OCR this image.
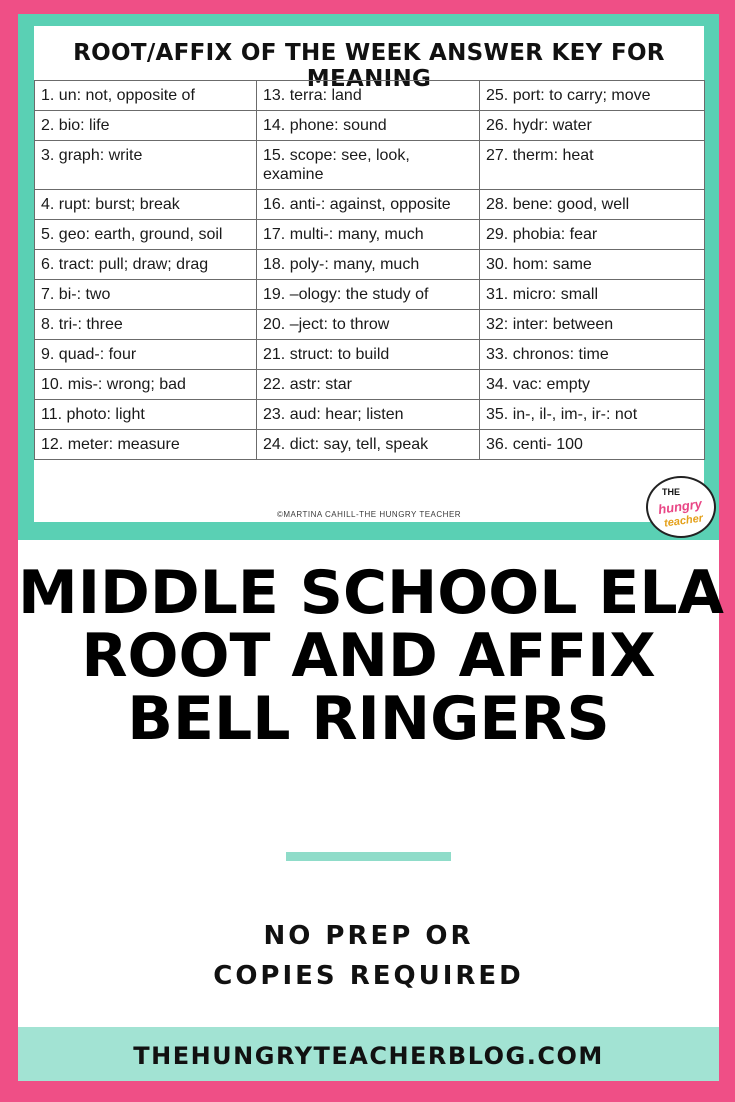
ROOT/AFFIX OF THE WEEK ANSWER KEY FOR MEANING
1. un: not, opposite of	13. terra: land	25. port: to carry; move
2. bio: life	14. phone: sound	26. hydr: water
3. graph: write	15. scope: see, look, examine	27. therm: heat
4. rupt: burst; break	16. anti-: against, opposite	28. bene: good, well
5. geo: earth, ground, soil	17. multi-: many, much	29. phobia: fear
6. tract: pull; draw; drag	18. poly-: many, much	30. hom: same
7. bi-: two	19. –ology: the study of	31. micro: small
8. tri-: three	20. –ject: to throw	32: inter: between
9. quad-: four	21. struct: to build	33. chronos: time
10. mis-: wrong; bad	22. astr: star	34. vac: empty
11. photo: light	23. aud: hear; listen	35. in-, il-, im-, ir-: not
12. meter: measure	24. dict: say, tell, speak	36. centi- 100
©MARTINA CAHILL-THE HUNGRY TEACHER
THE
hungry
teacher
MIDDLE SCHOOL ELA
ROOT AND AFFIX
BELL RINGERS
NO PREP OR
COPIES REQUIRED
THEHUNGRYTEACHERBLOG.COM
